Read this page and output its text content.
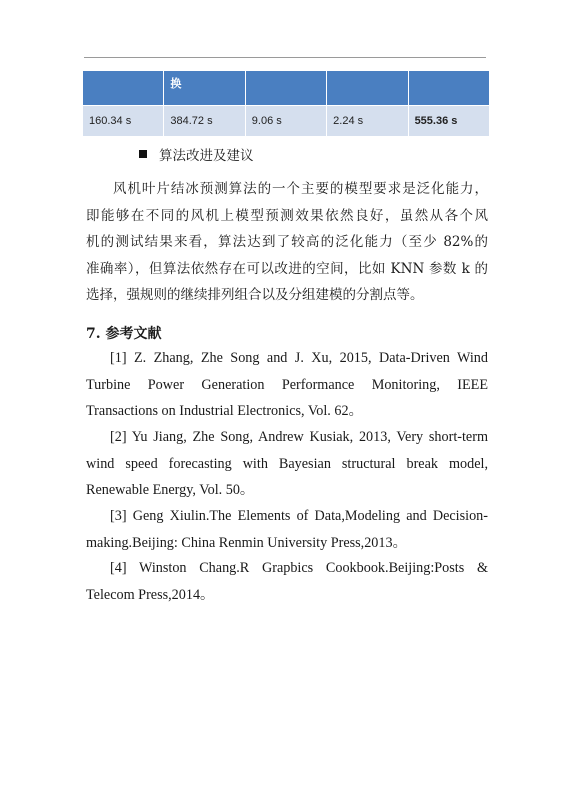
	换			
160.34 s	384.72 s	9.06 s	2.24 s	555.36 s
算法改进及建议
风机叶片结冰预测算法的一个主要的模型要求是泛化能力，
即能够在不同的风机上模型预测效果依然良好，虽然从各个风
机的测试结果来看，算法达到了较高的泛化能力（至少 82%的
准确率），但算法依然存在可以改进的空间，比如 KNN 参数 k 的
选择，强规则的继续排列组合以及分组建模的分割点等。
7. 参考文献
[1] Z. Zhang, Zhe Song and J. Xu, 2015, Data-Driven Wind
Turbine Power Generation Performance Monitoring, IEEE
Transactions on Industrial Electronics, Vol. 62。
[2] Yu Jiang, Zhe Song, Andrew Kusiak, 2013, Very short-term
wind speed forecasting with Bayesian structural break model,
Renewable Energy, Vol. 50。
[3] Geng Xiulin.The Elements of Data,Modeling and Decision-
making.Beijing: China Renmin University Press,2013。
[4] Winston Chang.R Grapbics Cookbook.Beijing:Posts &
Telecom Press,2014。
